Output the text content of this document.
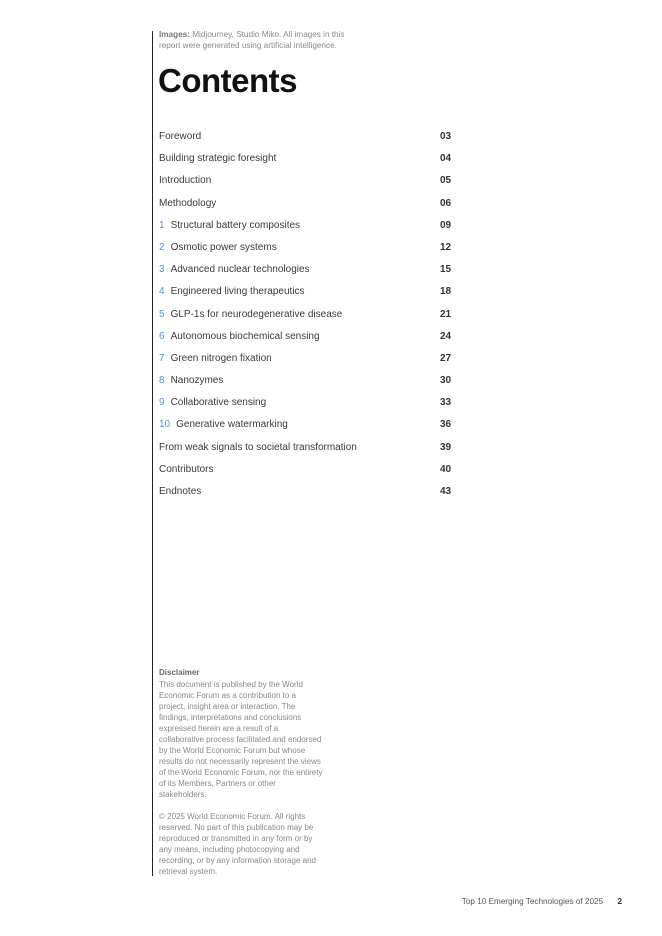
Images: Midjourney, Studio Miko. All images in this report were generated using artificial intelligence.
Contents
Foreword	03
Building strategic foresight	04
Introduction	05
Methodology	06
1 Structural battery composites	09
2 Osmotic power systems	12
3 Advanced nuclear technologies	15
4 Engineered living therapeutics	18
5 GLP-1s for neurodegenerative disease	21
6 Autonomous biochemical sensing	24
7 Green nitrogen fixation	27
8 Nanozymes	30
9 Collaborative sensing	33
10 Generative watermarking	36
From weak signals to societal transformation	39
Contributors	40
Endnotes	43
Disclaimer

This document is published by the World Economic Forum as a contribution to a project, insight area or interaction. The findings, interpretations and conclusions expressed herein are a result of a collaborative process facilitated and endorsed by the World Economic Forum but whose results do not necessarily represent the views of the World Economic Forum, nor the entirety of its Members, Partners or other stakeholders.

© 2025 World Economic Forum. All rights reserved. No part of this publication may be reproduced or transmitted in any form or by any means, including photocopying and recording, or by any information storage and retrieval system.

Top 10 Emerging Technologies of 2025 2
